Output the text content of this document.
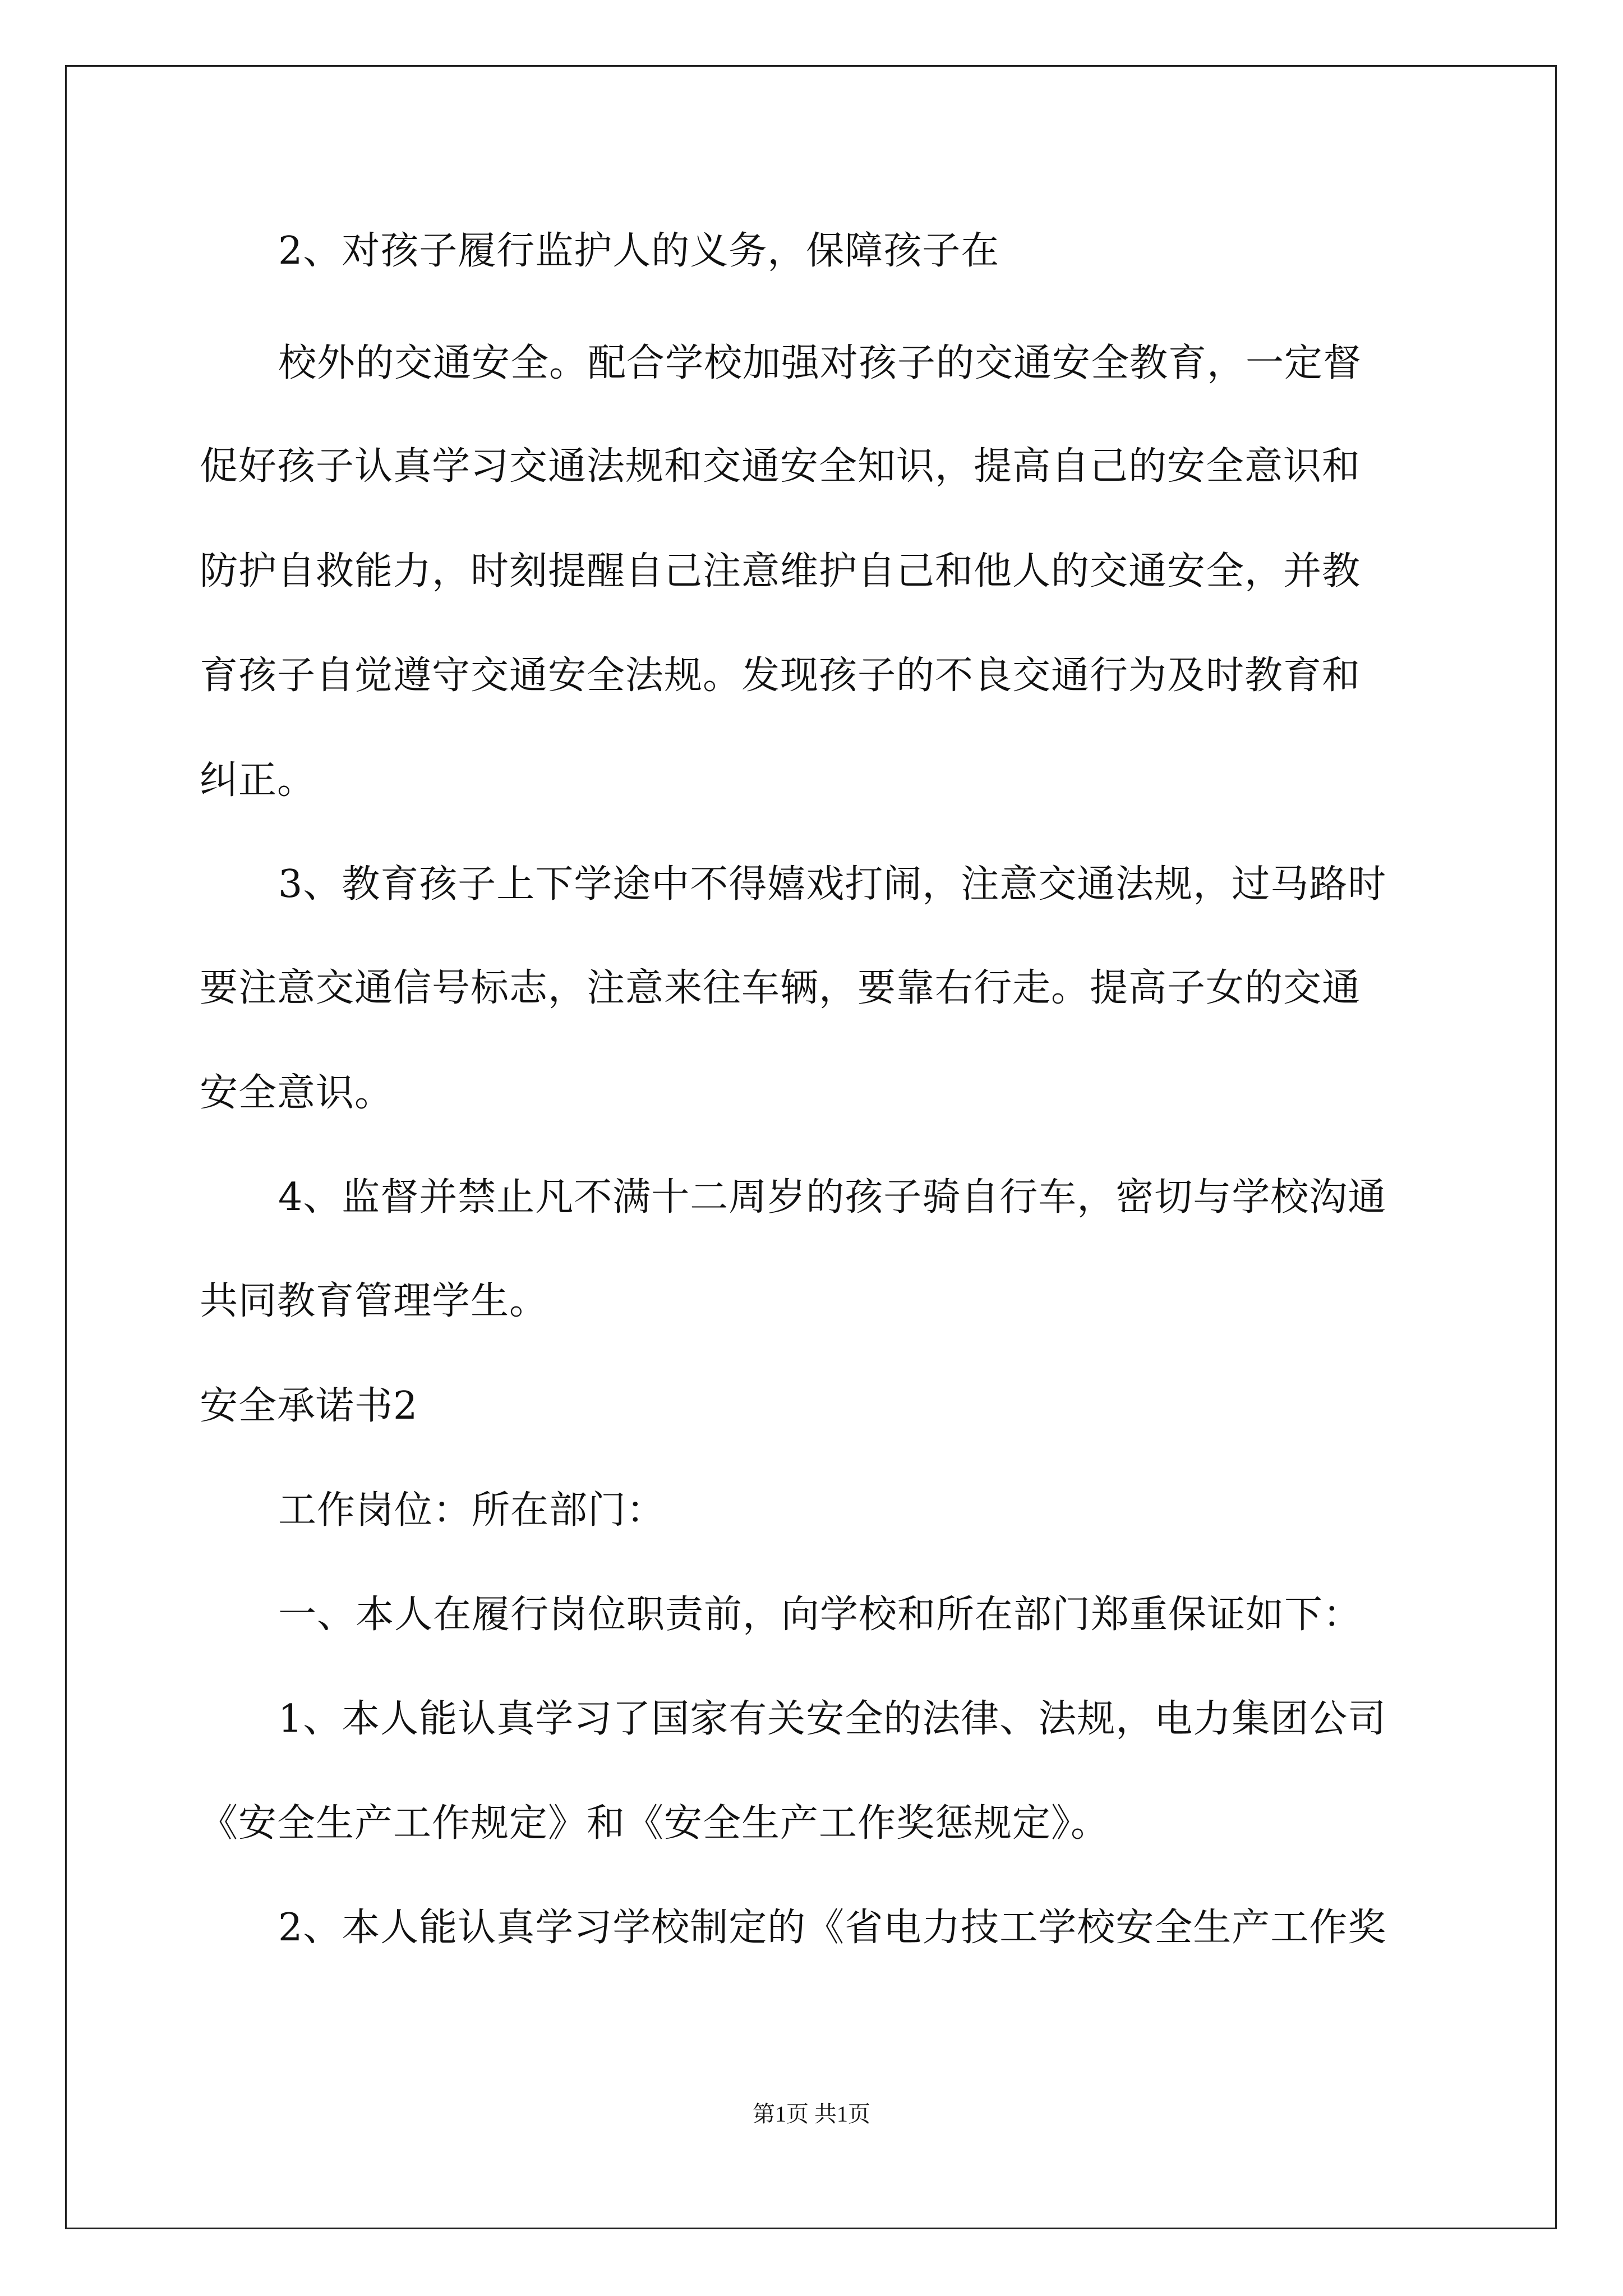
2、对孩子履行监护人的义务，保障孩子在
校外的交通安全。配合学校加强对孩子的交通安全教育，一定督
促好孩子认真学习交通法规和交通安全知识，提高自己的安全意识和
防护自救能力，时刻提醒自己注意维护自己和他人的交通安全，并教
育孩子自觉遵守交通安全法规。发现孩子的不良交通行为及时教育和
纠正。
3、教育孩子上下学途中不得嬉戏打闹，注意交通法规，过马路时
要注意交通信号标志，注意来往车辆，要靠右行走。提高子女的交通
安全意识。
4、监督并禁止凡不满十二周岁的孩子骑自行车，密切与学校沟通
共同教育管理学生。
安全承诺书2
工作岗位：所在部门：
一、本人在履行岗位职责前，向学校和所在部门郑重保证如下：
1、本人能认真学习了国家有关安全的法律、法规，电力集团公司
《安全生产工作规定》和《安全生产工作奖惩规定》。
2、本人能认真学习学校制定的《省电力技工学校安全生产工作奖
第1页 共1页
